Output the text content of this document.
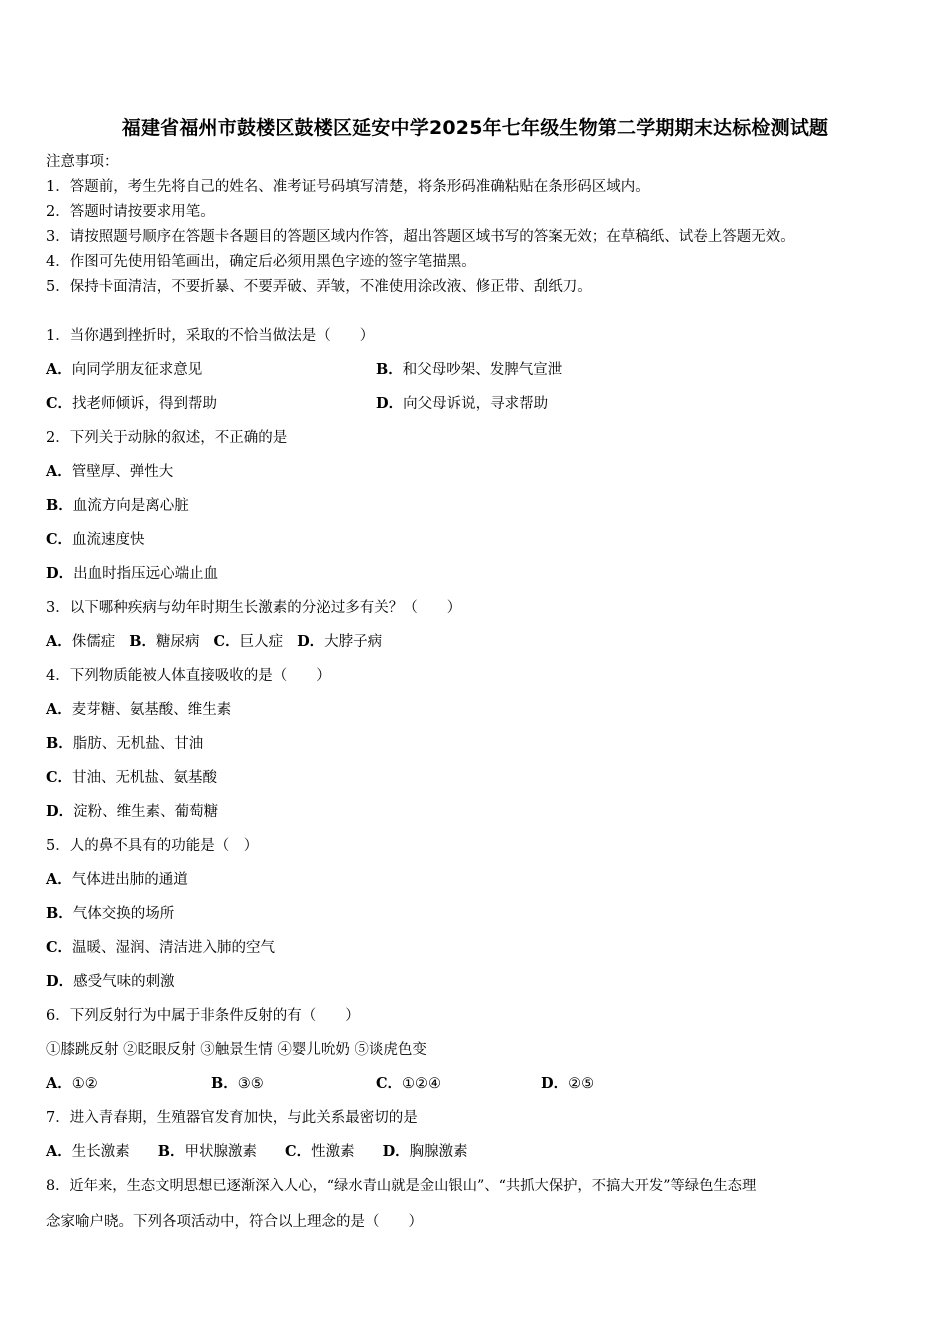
福建省福州市鼓楼区鼓楼区延安中学2025年七年级生物第二学期期末达标检测试题
注意事项：
1．答题前，考生先将自己的姓名、准考证号码填写清楚，将条形码准确粘贴在条形码区域内。
2．答题时请按要求用笔。
3．请按照题号顺序在答题卡各题目的答题区域内作答，超出答题区域书写的答案无效；在草稿纸、试卷上答题无效。
4．作图可先使用铅笔画出，确定后必须用黑色字迹的签字笔描黑。
5．保持卡面清洁，不要折暴、不要弄破、弄皱，不准使用涂改液、修正带、刮纸刀。
1．当你遇到挫折时，采取的不恰当做法是（　　）
A．向同学朋友征求意见	B．和父母吵架、发脾气宣泄
C．找老师倾诉，得到帮助	D．向父母诉说，寻求帮助
2．下列关于动脉的叙述，不正确的是
A．管壁厚、弹性大
B．血流方向是离心脏
C．血流速度快
D．出血时指压远心端止血
3．以下哪种疾病与幼年时期生长激素的分泌过多有关？（　　）
A．侏儒症 B．糖尿病 C．巨人症 D．大脖子病
4．下列物质能被人体直接吸收的是（　　）
A．麦芽糖、氨基酸、维生素
B．脂肪、无机盐、甘油
C．甘油、无机盐、氨基酸
D．淀粉、维生素、葡萄糖
5．人的鼻不具有的功能是（　）
A．气体进出肺的通道
B．气体交换的场所
C．温暖、湿润、清洁进入肺的空气
D．感受气味的刺激
6．下列反射行为中属于非条件反射的有（　　）
①膝跳反射 ②眨眼反射 ③触景生情 ④婴儿吮奶 ⑤谈虎色变
A．①②	B．③⑤	C．①②④	D．②⑤
7．进入青春期，生殖器官发育加快，与此关系最密切的是
A．生长激素 B．甲状腺激素 C．性激素 D．胸腺激素
8．近年来，生态文明思想已逐渐深入人心，“绿水青山就是金山银山”、“共抓大保护，不搞大开发”等绿色生态理
念家喻户晓。下列各项活动中，符合以上理念的是（　　）
